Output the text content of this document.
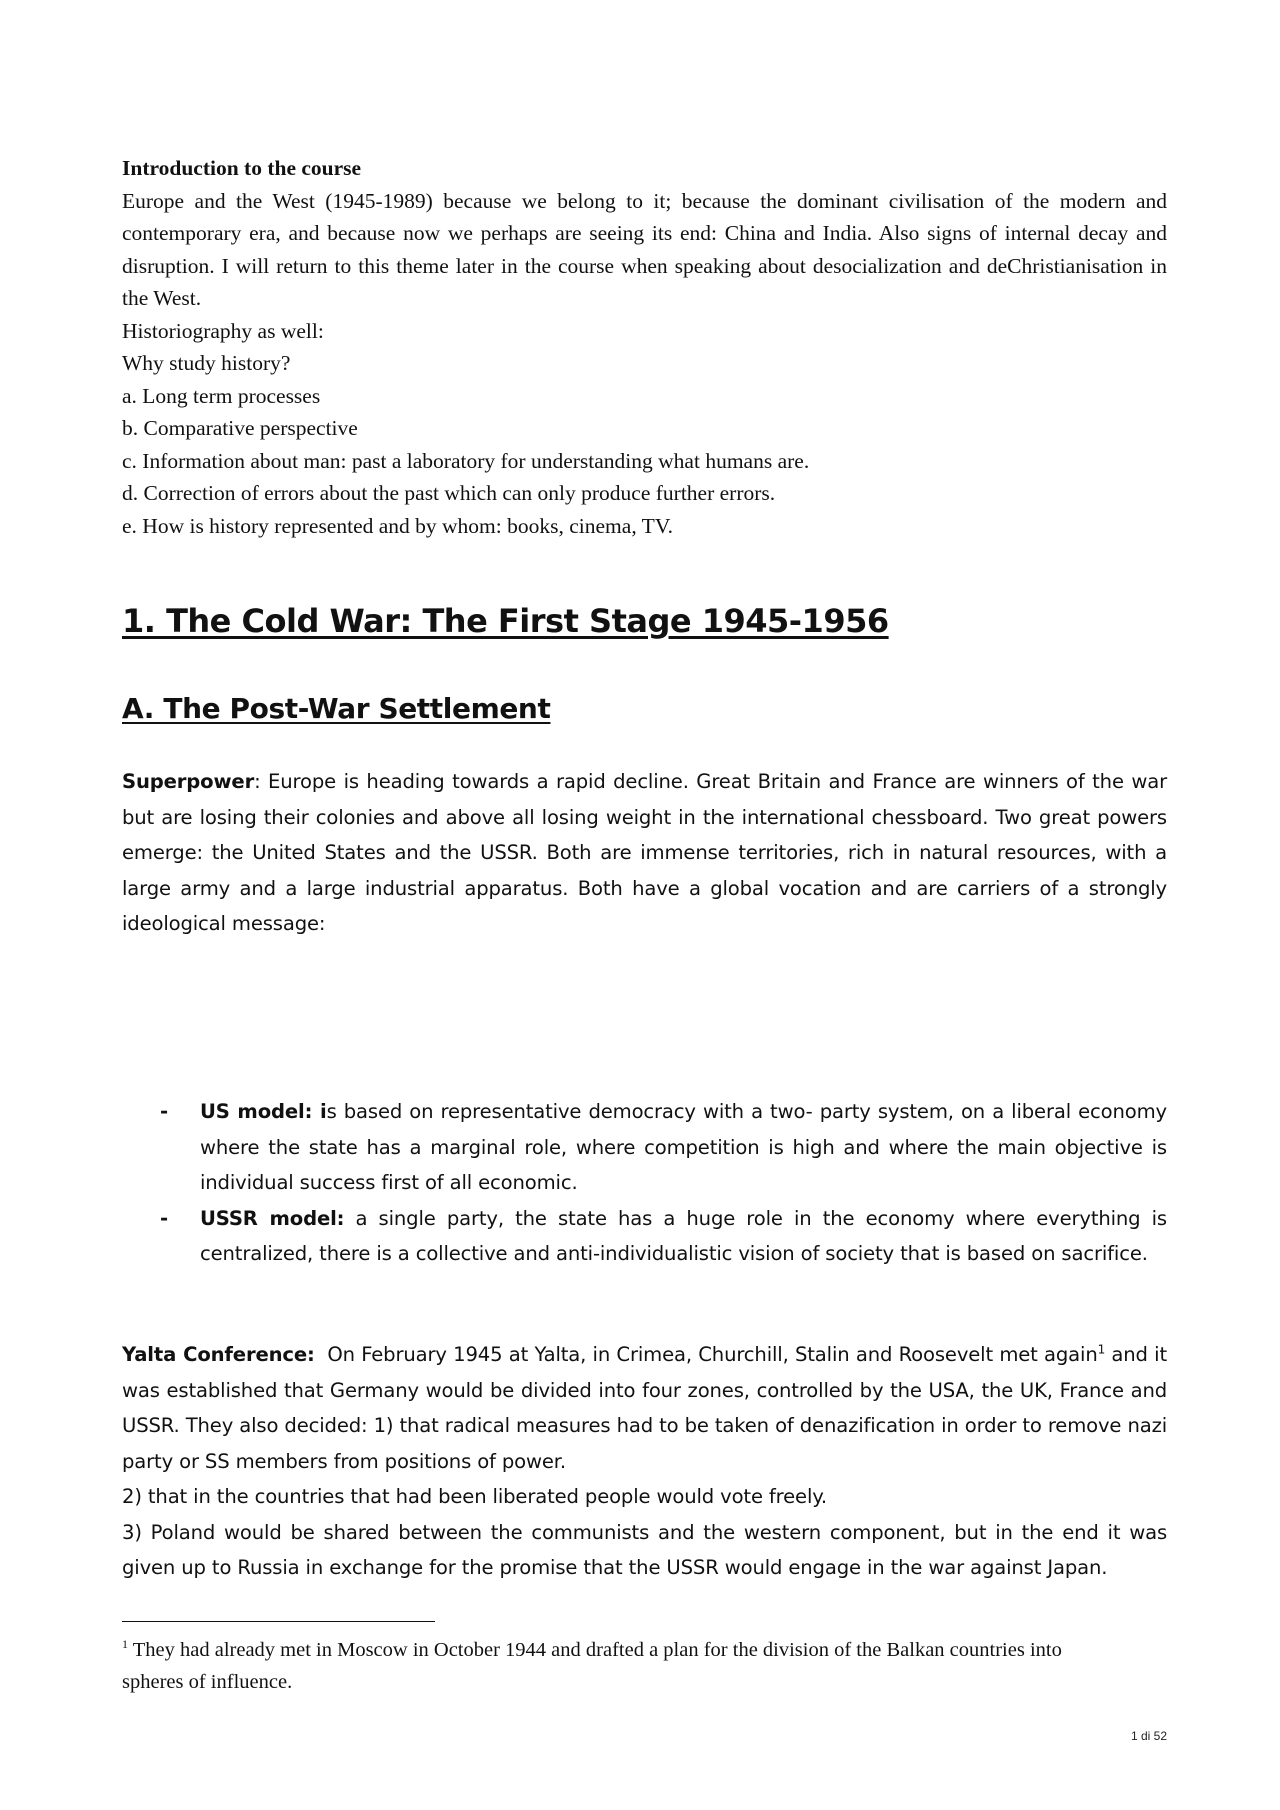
Introduction to the course
Europe and the West (1945-1989) because we belong to it; because the dominant civilisation of the modern and contemporary era, and because now we perhaps are seeing its end: China and India. Also signs of internal decay and disruption. I will return to this theme later in the course when speaking about desocialization and deChristianisation in the West.
Historiography as well:
Why study history?
a. Long term processes
b. Comparative perspective
c. Information about man: past a laboratory for understanding what humans are.
d. Correction of errors about the past which can only produce further errors.
e. How is history represented and by whom: books, cinema, TV.
1. The Cold War: The First Stage 1945-1956
A. The Post-War Settlement
Superpower: Europe is heading towards a rapid decline. Great Britain and France are winners of the war but are losing their colonies and above all losing weight in the international chessboard. Two great powers emerge: the United States and the USSR. Both are immense territories, rich in natural resources, with a large army and a large industrial apparatus. Both have a global vocation and are carriers of a strongly ideological message:
- US model: is based on representative democracy with a two- party system, on a liberal economy where the state has a marginal role, where competition is high and where the main objective is individual success first of all economic.
- USSR model: a single party, the state has a huge role in the economy where everything is centralized, there is a collective and anti-individualistic vision of society that is based on sacrifice.
Yalta Conference:  On February 1945 at Yalta, in Crimea, Churchill, Stalin and Roosevelt met again$^1$ and it was established that Germany would be divided into four zones, controlled by the USA, the UK, France and USSR. They also decided: 1) that radical measures had to be taken of denazification in order to remove nazi party or SS members from positions of power.
2) that in the countries that had been liberated people would vote freely.
3) Poland would be shared between the communists and the western component, but in the end it was given up to Russia in exchange for the promise that the USSR would engage in the war against Japan.
$^1$ They had already met in Moscow in October 1944 and drafted a plan for the division of the Balkan countries into spheres of influence.
1 di 52
